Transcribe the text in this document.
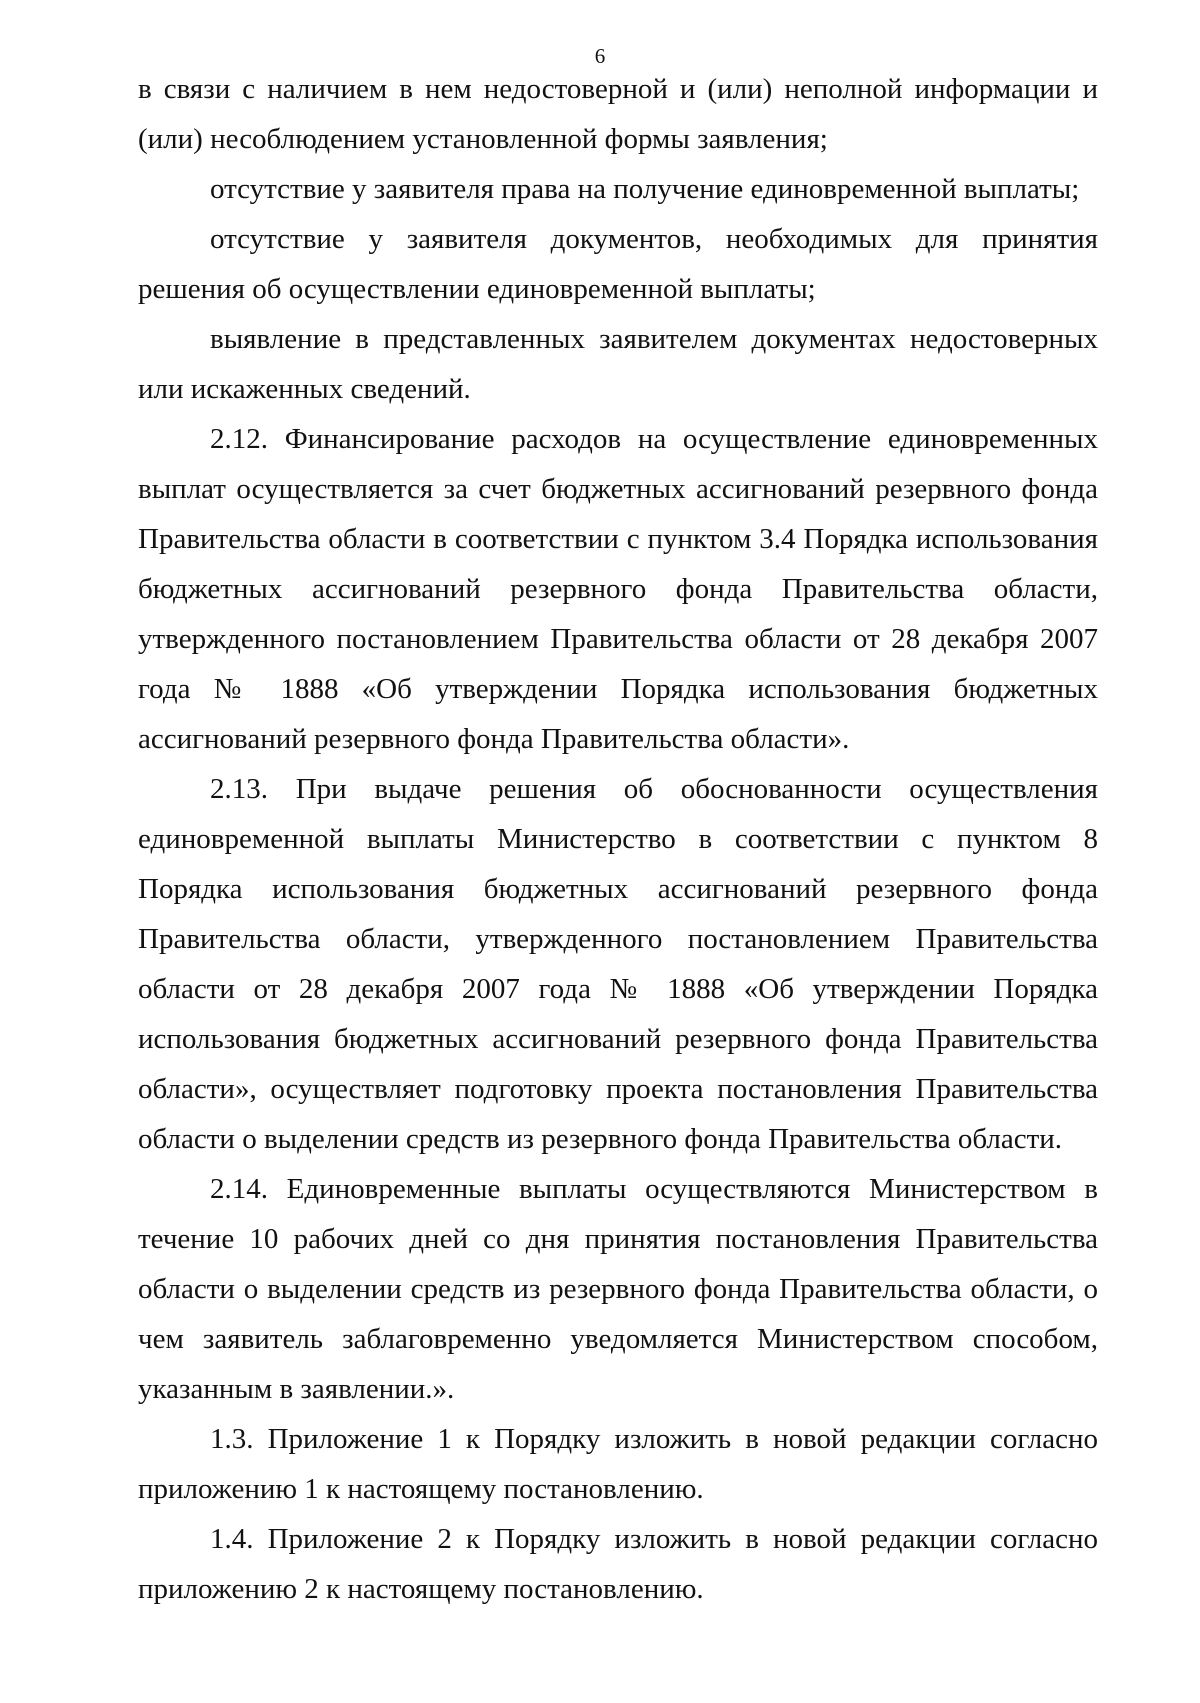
6

в связи с наличием в нем недостоверной и (или) неполной информации и (или) несоблюдением установленной формы заявления;

отсутствие у заявителя права на получение единовременной выплаты;

отсутствие у заявителя документов, необходимых для принятия решения об осуществлении единовременной выплаты;

выявление в представленных заявителем документах недостоверных или искаженных сведений.

2.12. Финансирование расходов на осуществление единовременных выплат осуществляется за счет бюджетных ассигнований резервного фонда Правительства области в соответствии с пунктом 3.4 Порядка использования бюджетных ассигнований резервного фонда Правительства области, утвержденного постановлением Правительства области от 28 декабря 2007 года № 1888 «Об утверждении Порядка использования бюджетных ассигнований резервного фонда Правительства области».

2.13. При выдаче решения об обоснованности осуществления единовременной выплаты Министерство в соответствии с пунктом 8 Порядка использования бюджетных ассигнований резервного фонда Правительства области, утвержденного постановлением Правительства области от 28 декабря 2007 года № 1888 «Об утверждении Порядка использования бюджетных ассигнований резервного фонда Правительства области», осуществляет подготовку проекта постановления Правительства области о выделении средств из резервного фонда Правительства области.

2.14. Единовременные выплаты осуществляются Министерством в течение 10 рабочих дней со дня принятия постановления Правительства области о выделении средств из резервного фонда Правительства области, о чем заявитель заблаговременно уведомляется Министерством способом, указанным в заявлении.».

1.3. Приложение 1 к Порядку изложить в новой редакции согласно приложению 1 к настоящему постановлению.

1.4. Приложение 2 к Порядку изложить в новой редакции согласно приложению 2 к настоящему постановлению.
